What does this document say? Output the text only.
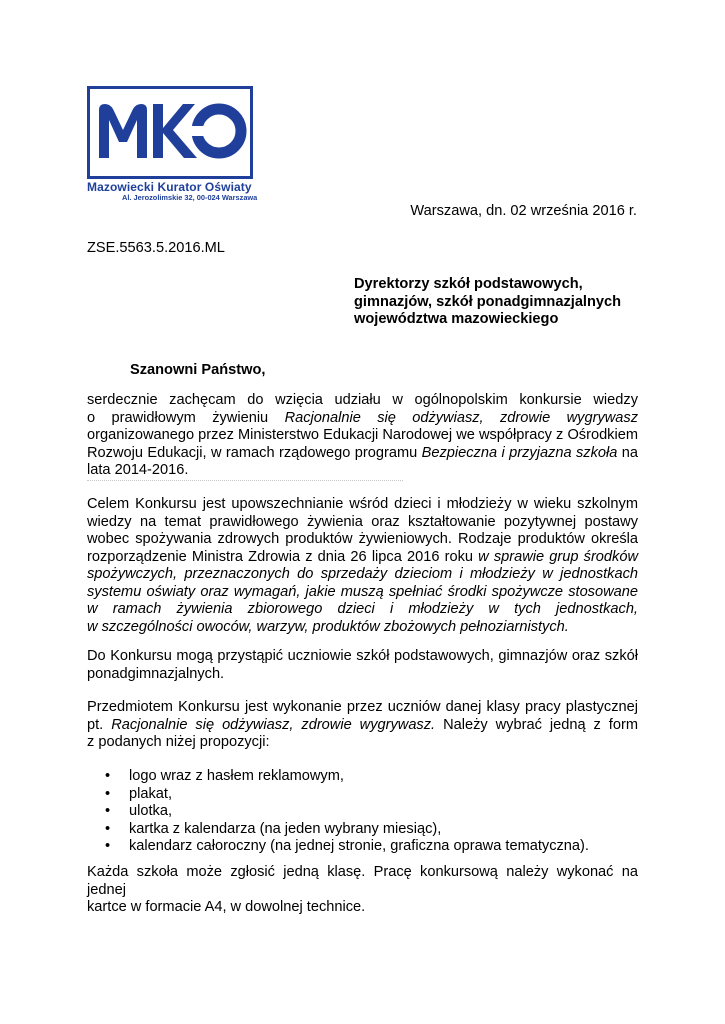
Mazowiecki Kurator Oświaty
Al. Jerozolimskie 32, 00-024 Warszawa
Warszawa, dn. 02 września 2016 r.
ZSE.5563.5.2016.ML
Dyrektorzy szkół podstawowych,
gimnazjów, szkół ponadgimnazjalnych
województwa mazowieckiego
Szanowni Państwo,
serdecznie zachęcam do wzięcia udziału w ogólnopolskim konkursie wiedzy
o prawidłowym żywieniu Racjonalnie się odżywiasz, zdrowie wygrywasz
organizowanego przez Ministerstwo Edukacji Narodowej we współpracy z Ośrodkiem
Rozwoju Edukacji, w ramach rządowego programu Bezpieczna i przyjazna szkoła na
lata 2014-2016.
Celem Konkursu jest upowszechnianie wśród dzieci i młodzieży w wieku szkolnym
wiedzy na temat prawidłowego żywienia oraz kształtowanie pozytywnej postawy
wobec spożywania zdrowych produktów żywieniowych. Rodzaje produktów określa
rozporządzenie Ministra Zdrowia z dnia 26 lipca 2016 roku w sprawie grup środków
spożywczych, przeznaczonych do sprzedaży dzieciom i młodzieży w jednostkach
systemu oświaty oraz wymagań, jakie muszą spełniać środki spożywcze stosowane
w ramach żywienia zbiorowego dzieci i młodzieży w tych jednostkach,
w szczególności owoców, warzyw, produktów zbożowych pełnoziarnistych.
Do Konkursu mogą przystąpić uczniowie szkół podstawowych, gimnazjów oraz szkół
ponadgimnazjalnych.
Przedmiotem Konkursu jest wykonanie przez uczniów danej klasy pracy plastycznej
pt. Racjonalnie się odżywiasz, zdrowie wygrywasz. Należy wybrać jedną z form
z podanych niżej propozycji:
• logo wraz z hasłem reklamowym,
• plakat,
• ulotka,
• kartka z kalendarza (na jeden wybrany miesiąc),
• kalendarz całoroczny (na jednej stronie, graficzna oprawa tematyczna).
Każda szkoła może zgłosić jedną klasę. Pracę konkursową należy wykonać na jednej
kartce w formacie A4, w dowolnej technice.
